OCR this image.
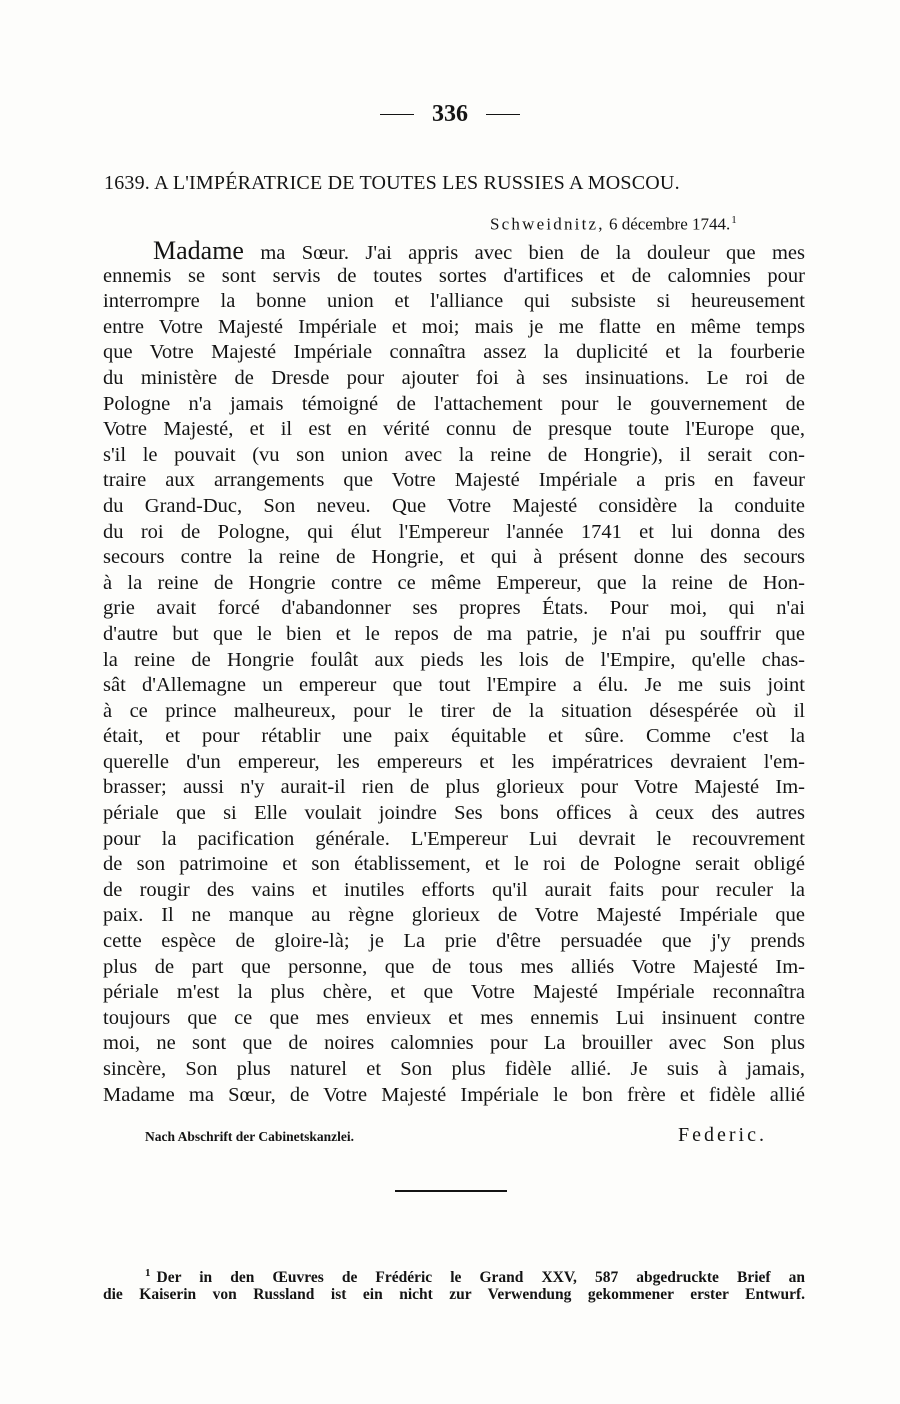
336
1639. A L'IMPÉRATRICE DE TOUTES LES RUSSIES A MOSCOU.
Schweidnitz, 6 décembre 1744.$^1$
Madame ma Sœur. J'ai appris avec bien de la douleur que mes
ennemis se sont servis de toutes sortes d'artifices et de calomnies pour
interrompre la bonne union et l'alliance qui subsiste si heureusement
entre Votre Majesté Impériale et moi; mais je me flatte en même temps
que Votre Majesté Impériale connaîtra assez la duplicité et la fourberie
du ministère de Dresde pour ajouter foi à ses insinuations. Le roi de
Pologne n'a jamais témoigné de l'attachement pour le gouvernement de
Votre Majesté, et il est en vérité connu de presque toute l'Europe que,
s'il le pouvait (vu son union avec la reine de Hongrie), il serait con-
traire aux arrangements que Votre Majesté Impériale a pris en faveur
du Grand-Duc, Son neveu. Que Votre Majesté considère la conduite
du roi de Pologne, qui élut l'Empereur l'année 1741 et lui donna des
secours contre la reine de Hongrie, et qui à présent donne des secours
à la reine de Hongrie contre ce même Empereur, que la reine de Hon-
grie avait forcé d'abandonner ses propres États. Pour moi, qui n'ai
d'autre but que le bien et le repos de ma patrie, je n'ai pu souffrir que
la reine de Hongrie foulât aux pieds les lois de l'Empire, qu'elle chas-
sât d'Allemagne un empereur que tout l'Empire a élu. Je me suis joint
à ce prince malheureux, pour le tirer de la situation désespérée où il
était, et pour rétablir une paix équitable et sûre. Comme c'est la
querelle d'un empereur, les empereurs et les impératrices devraient l'em-
brasser; aussi n'y aurait-il rien de plus glorieux pour Votre Majesté Im-
périale que si Elle voulait joindre Ses bons offices à ceux des autres
pour la pacification générale. L'Empereur Lui devrait le recouvrement
de son patrimoine et son établissement, et le roi de Pologne serait obligé
de rougir des vains et inutiles efforts qu'il aurait faits pour reculer la
paix. Il ne manque au règne glorieux de Votre Majesté Impériale que
cette espèce de gloire-là; je La prie d'être persuadée que j'y prends
plus de part que personne, que de tous mes alliés Votre Majesté Im-
périale m'est la plus chère, et que Votre Majesté Impériale reconnaîtra
toujours que ce que mes envieux et mes ennemis Lui insinuent contre
moi, ne sont que de noires calomnies pour La brouiller avec Son plus
sincère, Son plus naturel et Son plus fidèle allié. Je suis à jamais,
Madame ma Sœur, de Votre Majesté Impériale le bon frère et fidèle allié
Nach Abschrift der Cabinetskanzlei.	Federic.
$^1$ Der in den Œuvres de Frédéric le Grand XXV, 587 abgedruckte Brief an
die Kaiserin von Russland ist ein nicht zur Verwendung gekommener erster Entwurf.
